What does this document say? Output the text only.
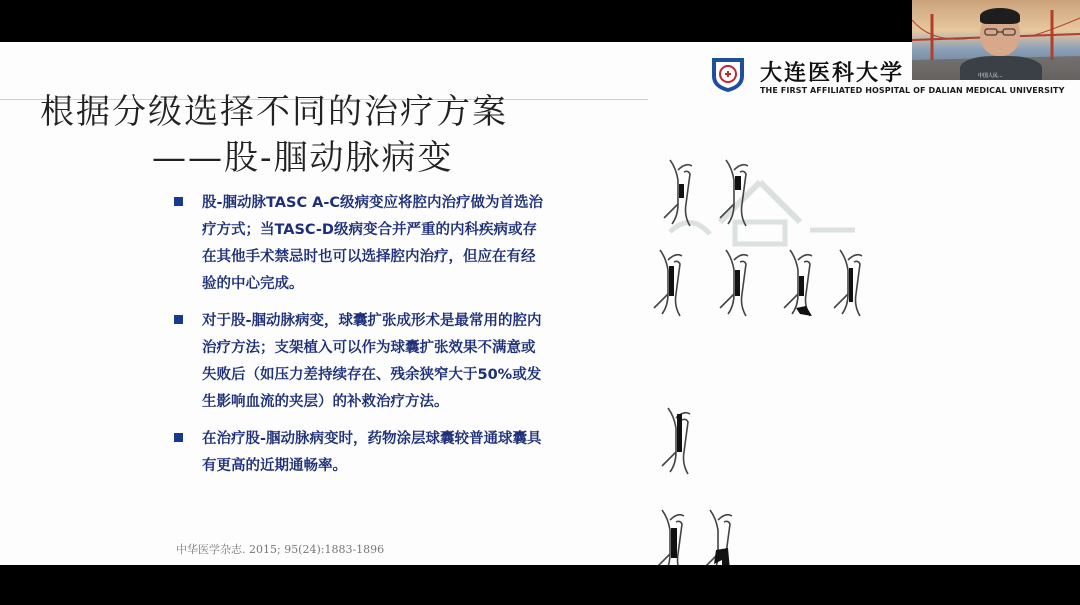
大连医科大学
THE FIRST AFFILIATED HOSPITAL OF DALIAN MEDICAL UNIVERSITY
根据分级选择不同的治疗方案
——股-腘动脉病变
股-腘动脉TASC A-C级病变应将腔内治疗做为首选治疗方式；当TASC-D级病变合并严重的内科疾病或存在其他手术禁忌时也可以选择腔内治疗，但应在有经验的中心完成。
对于股-腘动脉病变，球囊扩张成形术是最常用的腔内治疗方法；支架植入可以作为球囊扩张效果不满意或失败后（如压力差持续存在、残余狭窄大于50%或发生影响血流的夹层）的补救治疗方法。
在治疗股-腘动脉病变时，药物涂层球囊较普通球囊具有更高的近期通畅率。
中华医学杂志. 2015; 95(24):1883-1896
中国人民...
